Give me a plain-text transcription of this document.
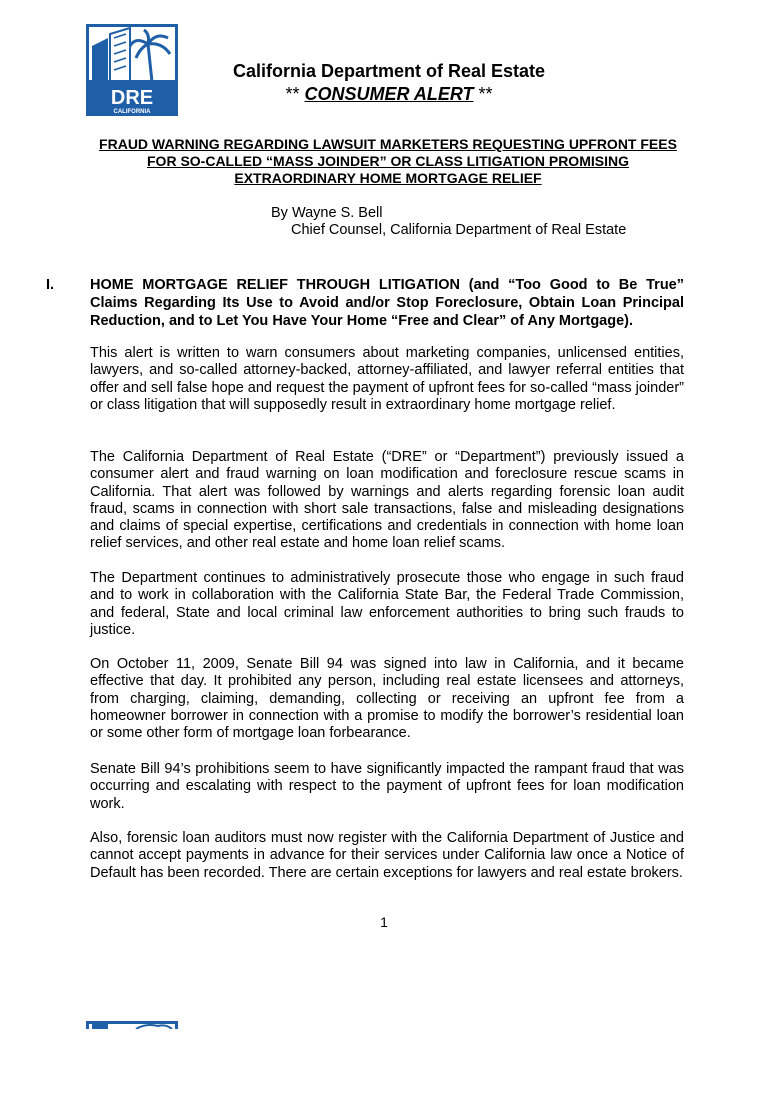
DRE
CALIFORNIA
California Department of Real Estate
** CONSUMER ALERT **
FRAUD WARNING REGARDING LAWSUIT MARKETERS REQUESTING UPFRONT FEES FOR SO-CALLED “MASS JOINDER” OR CLASS LITIGATION PROMISING EXTRAORDINARY HOME MORTGAGE RELIEF
By Wayne S. Bell
Chief Counsel, California Department of Real Estate
I. HOME MORTGAGE RELIEF THROUGH LITIGATION (and “Too Good to Be True” Claims Regarding Its Use to Avoid and/or Stop Foreclosure, Obtain Loan Principal Reduction, and to Let You Have Your Home “Free and Clear” of Any Mortgage).

This alert is written to warn consumers about marketing companies, unlicensed entities, lawyers, and so-called attorney-backed, attorney-affiliated, and lawyer referral entities that offer and sell false hope and request the payment of upfront fees for so-called “mass joinder” or class litigation that will supposedly result in extraordinary home mortgage relief.

The California Department of Real Estate (“DRE” or “Department”) previously issued a consumer alert and fraud warning on loan modification and foreclosure rescue scams in California. That alert was followed by warnings and alerts regarding forensic loan audit fraud, scams in connection with short sale transactions, false and misleading designations and claims of special expertise, certifications and credentials in connection with home loan relief services, and other real estate and home loan relief scams.

The Department continues to administratively prosecute those who engage in such fraud and to work in collaboration with the California State Bar, the Federal Trade Commission, and federal, State and local criminal law enforcement authorities to bring such frauds to justice.

On October 11, 2009, Senate Bill 94 was signed into law in California, and it became effective that day. It prohibited any person, including real estate licensees and attorneys, from charging, claiming, demanding, collecting or receiving an upfront fee from a homeowner borrower in connection with a promise to modify the borrower’s residential loan or some other form of mortgage loan forbearance.

Senate Bill 94’s prohibitions seem to have significantly impacted the rampant fraud that was occurring and escalating with respect to the payment of upfront fees for loan modification work.

Also, forensic loan auditors must now register with the California Department of Justice and cannot accept payments in advance for their services under California law once a Notice of Default has been recorded. There are certain exceptions for lawyers and real estate brokers.

1
